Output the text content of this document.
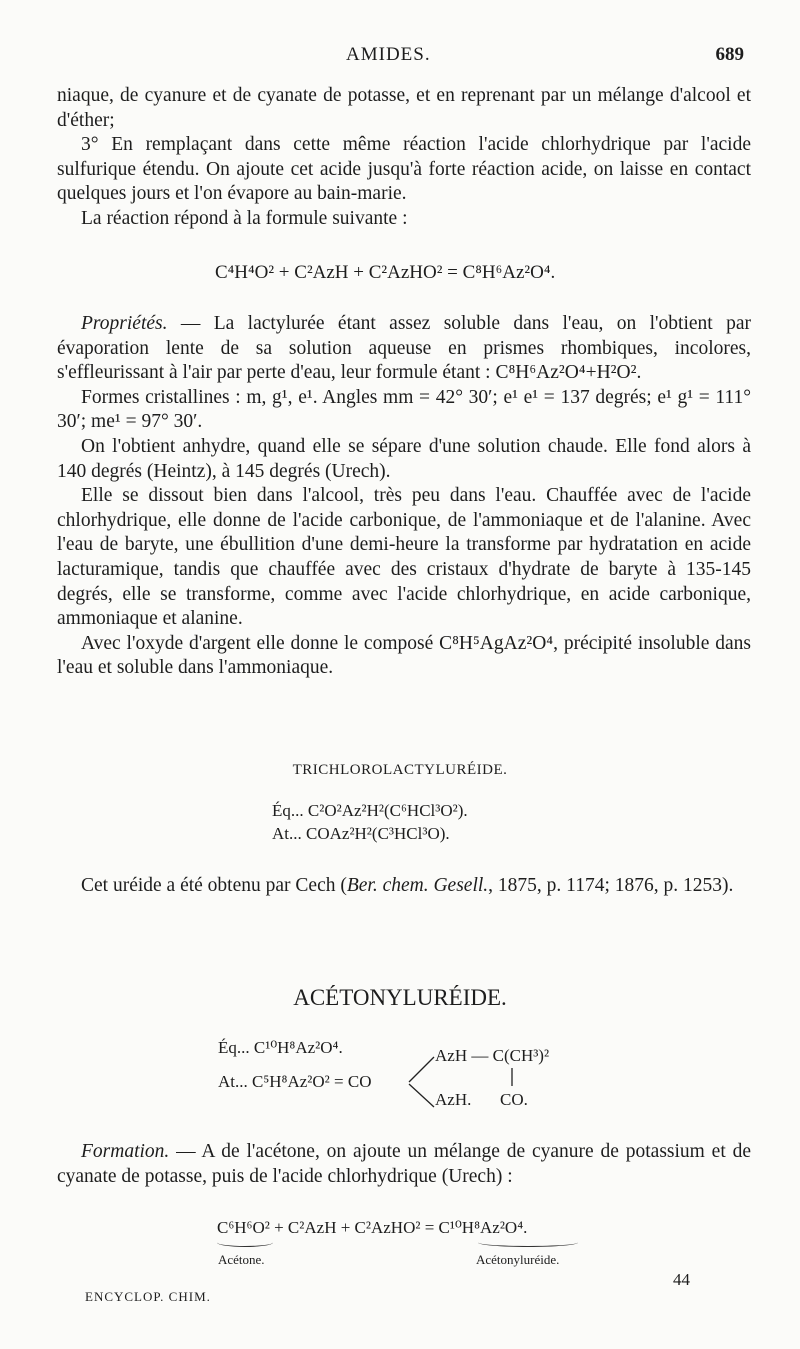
AMIDES.	689

niaque, de cyanure et de cyanate de potasse, et en reprenant par un mélange d'alcool et d'éther;

3° En remplaçant dans cette même réaction l'acide chlorhydrique par l'acide sulfurique étendu. On ajoute cet acide jusqu'à forte réaction acide, on laisse en contact quelques jours et l'on évapore au bain-marie.

La réaction répond à la formule suivante :

C⁴H⁴O² + C²AzH + C²AzHO² = C⁸H⁶Az²O⁴.

Propriétés. — La lactylurée étant assez soluble dans l'eau, on l'obtient par évaporation lente de sa solution aqueuse en prismes rhombiques, incolores, s'effleurissant à l'air par perte d'eau, leur formule étant : C⁸H⁶Az²O⁴+H²O².

Formes cristallines : m, g¹, e¹. Angles mm = 42° 30′; e¹ e¹ = 137 degrés; e¹ g¹ = 111° 30′; me¹ = 97° 30′.

On l'obtient anhydre, quand elle se sépare d'une solution chaude. Elle fond alors à 140 degrés (Heintz), à 145 degrés (Urech).

Elle se dissout bien dans l'alcool, très peu dans l'eau. Chauffée avec de l'acide chlorhydrique, elle donne de l'acide carbonique, de l'ammoniaque et de l'alanine. Avec l'eau de baryte, une ébullition d'une demi-heure la transforme par hydratation en acide lacturamique, tandis que chauffée avec des cristaux d'hydrate de baryte à 135-145 degrés, elle se transforme, comme avec l'acide chlorhydrique, en acide carbonique, ammoniaque et alanine.

Avec l'oxyde d'argent elle donne le composé C⁸H⁵AgAz²O⁴, précipité insoluble dans l'eau et soluble dans l'ammoniaque.

TRICHLOROLACTYLURÉIDE.
Éq... C²O²Az²H²(C⁶HCl³O²).
At... COAz²H²(C³HCl³O).

Cet uréide a été obtenu par Cech (Ber. chem. Gesell., 1875, p. 1174; 1876, p. 1253).

ACÉTONYLURÉIDE.
Éq... C¹⁰H⁸Az²O⁴.
At... C⁵H⁸Az²O² = CO
AzH — C(CH³)²
AzH. CO.

Formation. — A de l'acétone, on ajoute un mélange de cyanure de potassium et de cyanate de potasse, puis de l'acide chlorhydrique (Urech) :

C⁶H⁶O² + C²AzH + C²AzHO² = C¹⁰H⁸Az²O⁴.
Acétone.	Acétonyluréide.
ENCYCLOP. CHIM.
44
